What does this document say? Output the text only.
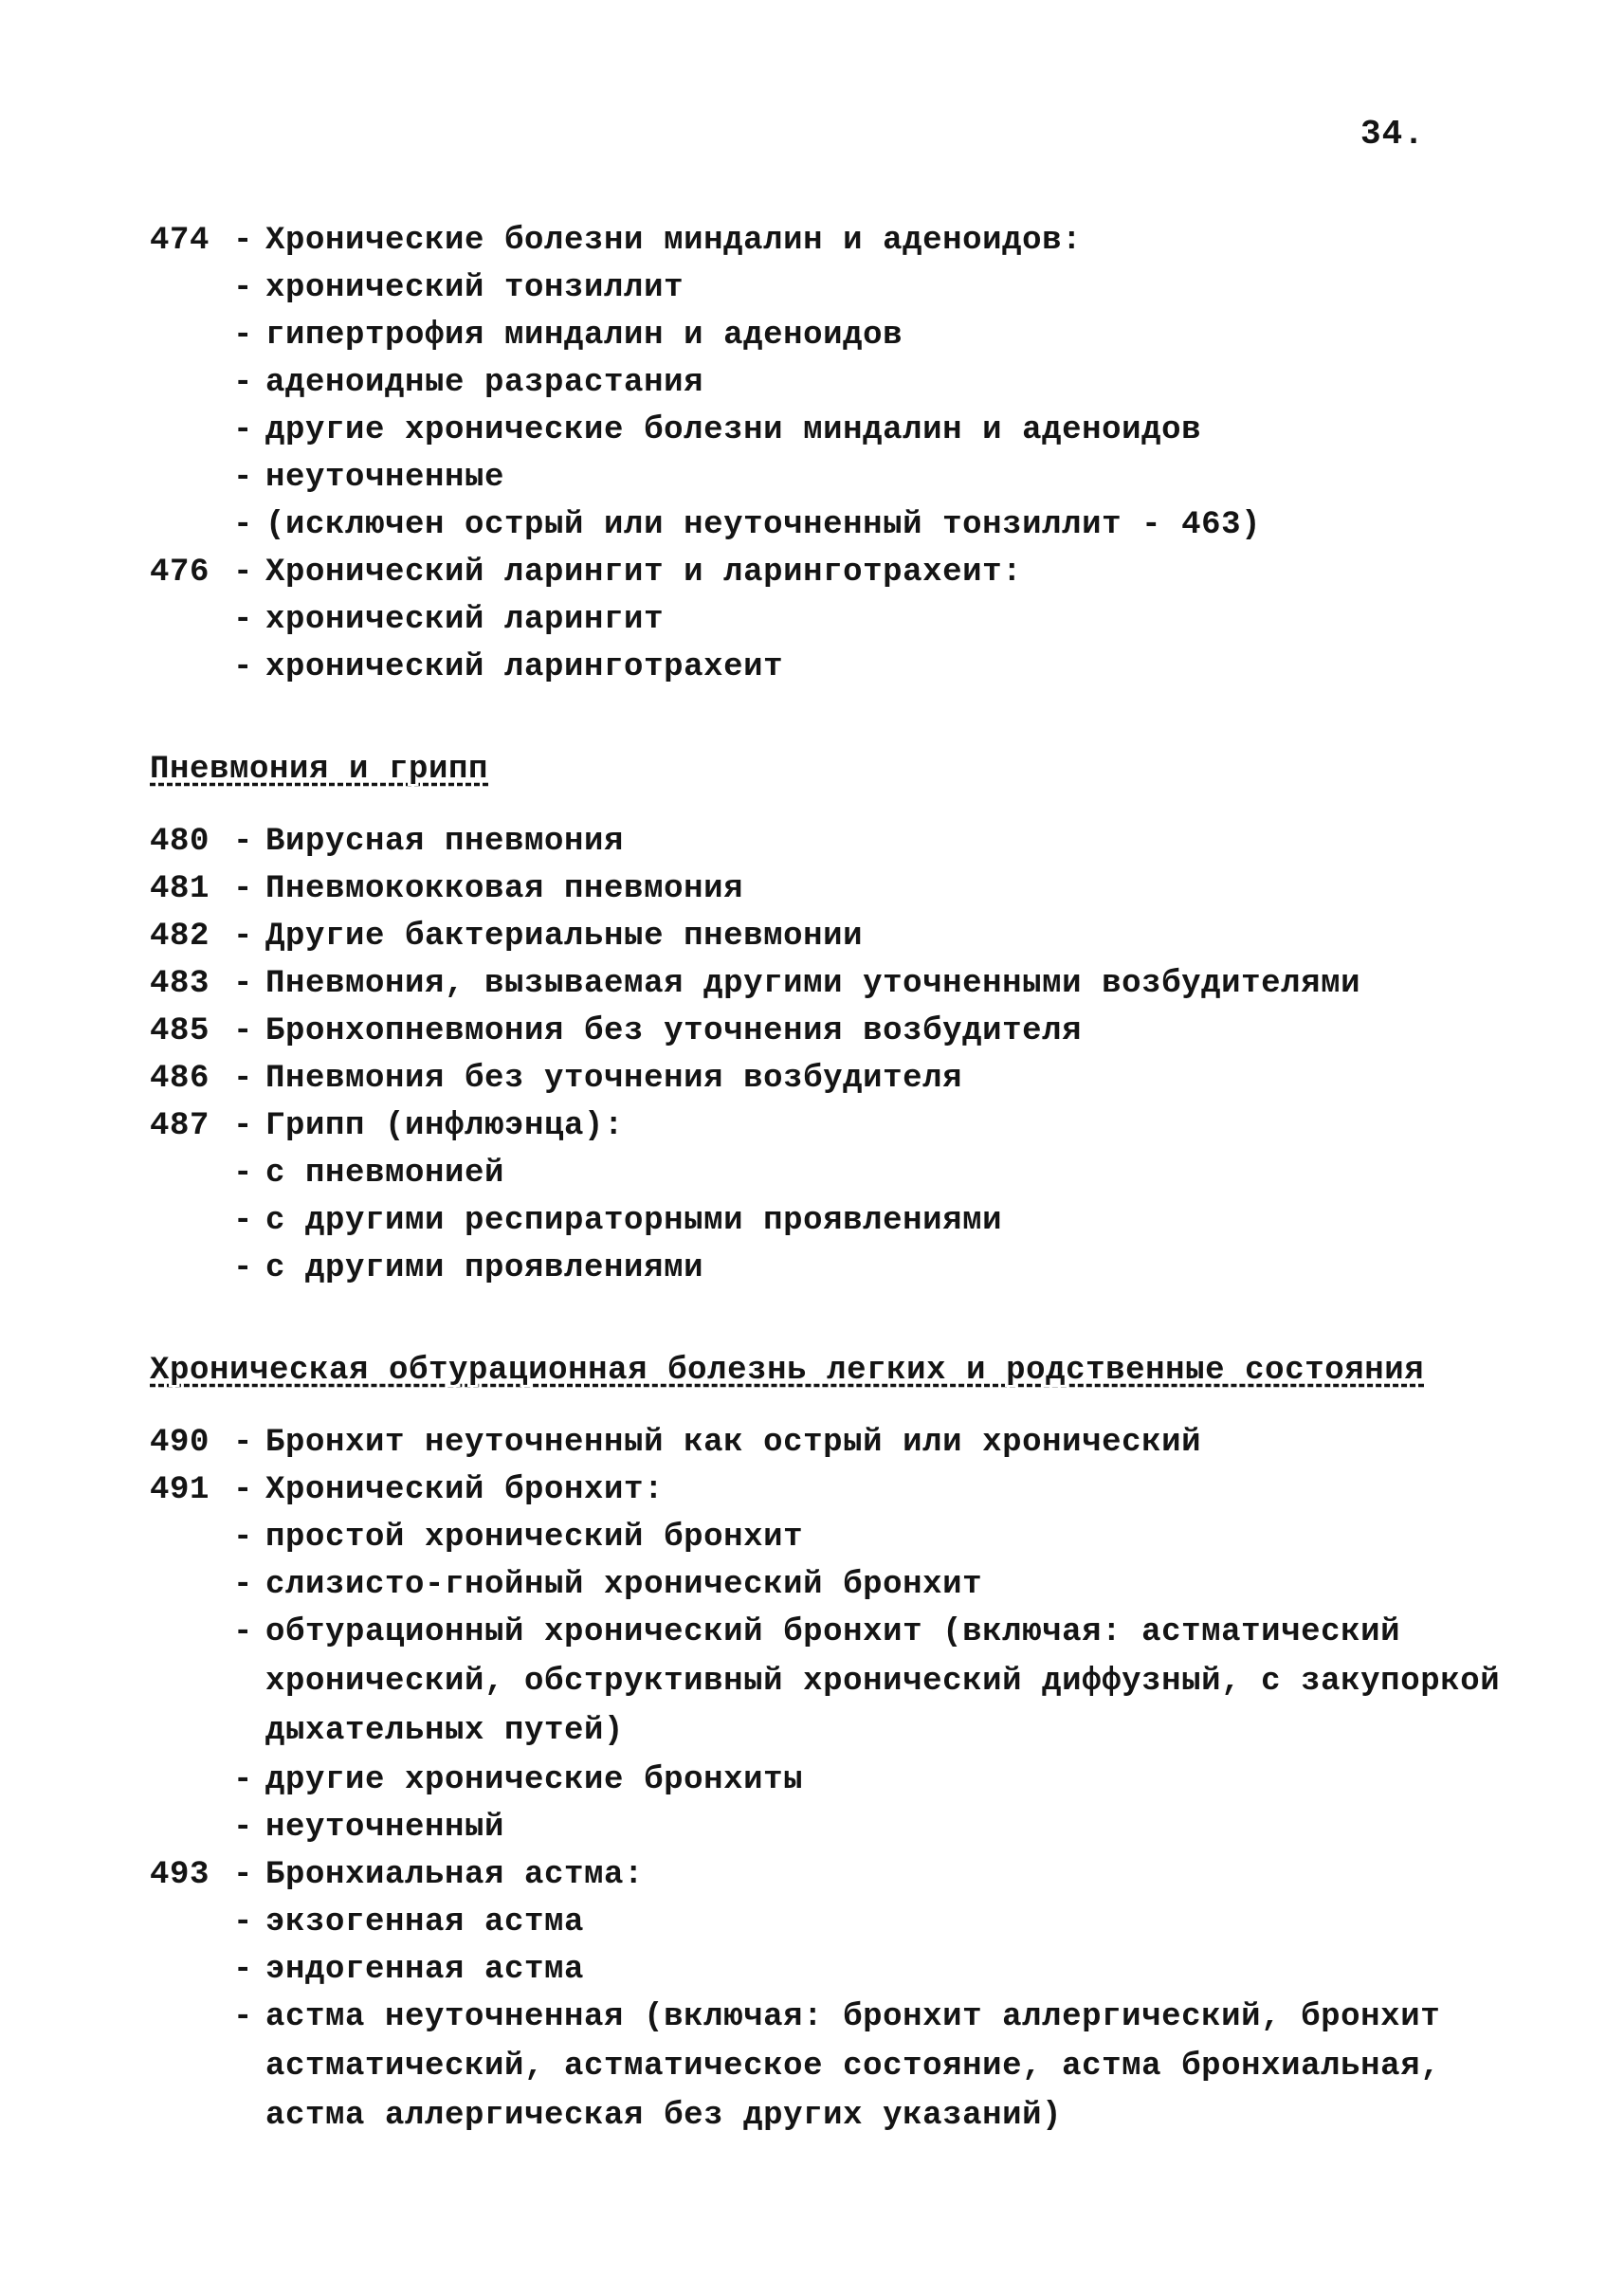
34.
474 - Хронические болезни миндалин и аденоидов:
- хронический тонзиллит
- гипертрофия миндалин и аденоидов
- аденоидные разрастания
- другие хронические болезни миндалин и аденоидов
- неуточненные
- (исключен острый или неуточненный тонзиллит - 463)
476 - Хронический ларингит и ларинготрахеит:
- хронический ларингит
- хронический ларинготрахеит
Пневмония и грипп
480 - Вирусная пневмония
481 - Пневмококковая пневмония
482 - Другие бактериальные пневмонии
483 - Пневмония, вызываемая другими уточненными возбудителями
485 - Бронхопневмония без уточнения возбудителя
486 - Пневмония без уточнения возбудителя
487 - Грипп (инфлюэнца):
- с пневмонией
- с другими респираторными проявлениями
- с другими проявлениями
Хроническая обтурационная болезнь легких и родственные состояния
490 - Бронхит неуточненный как острый или хронический
491 - Хронический бронхит:
- простой хронический бронхит
- слизисто-гнойный хронический бронхит
- обтурационный хронический бронхит (включая: астматический
хронический, обструктивный хронический диффузный, с закупоркой
дыхательных путей)
- другие хронические бронхиты
- неуточненный
493 - Бронхиальная астма:
- экзогенная астма
- эндогенная астма
- астма неуточненная (включая: бронхит аллергический, бронхит
астматический, астматическое состояние, астма бронхиальная,
астма аллергическая без других указаний)
